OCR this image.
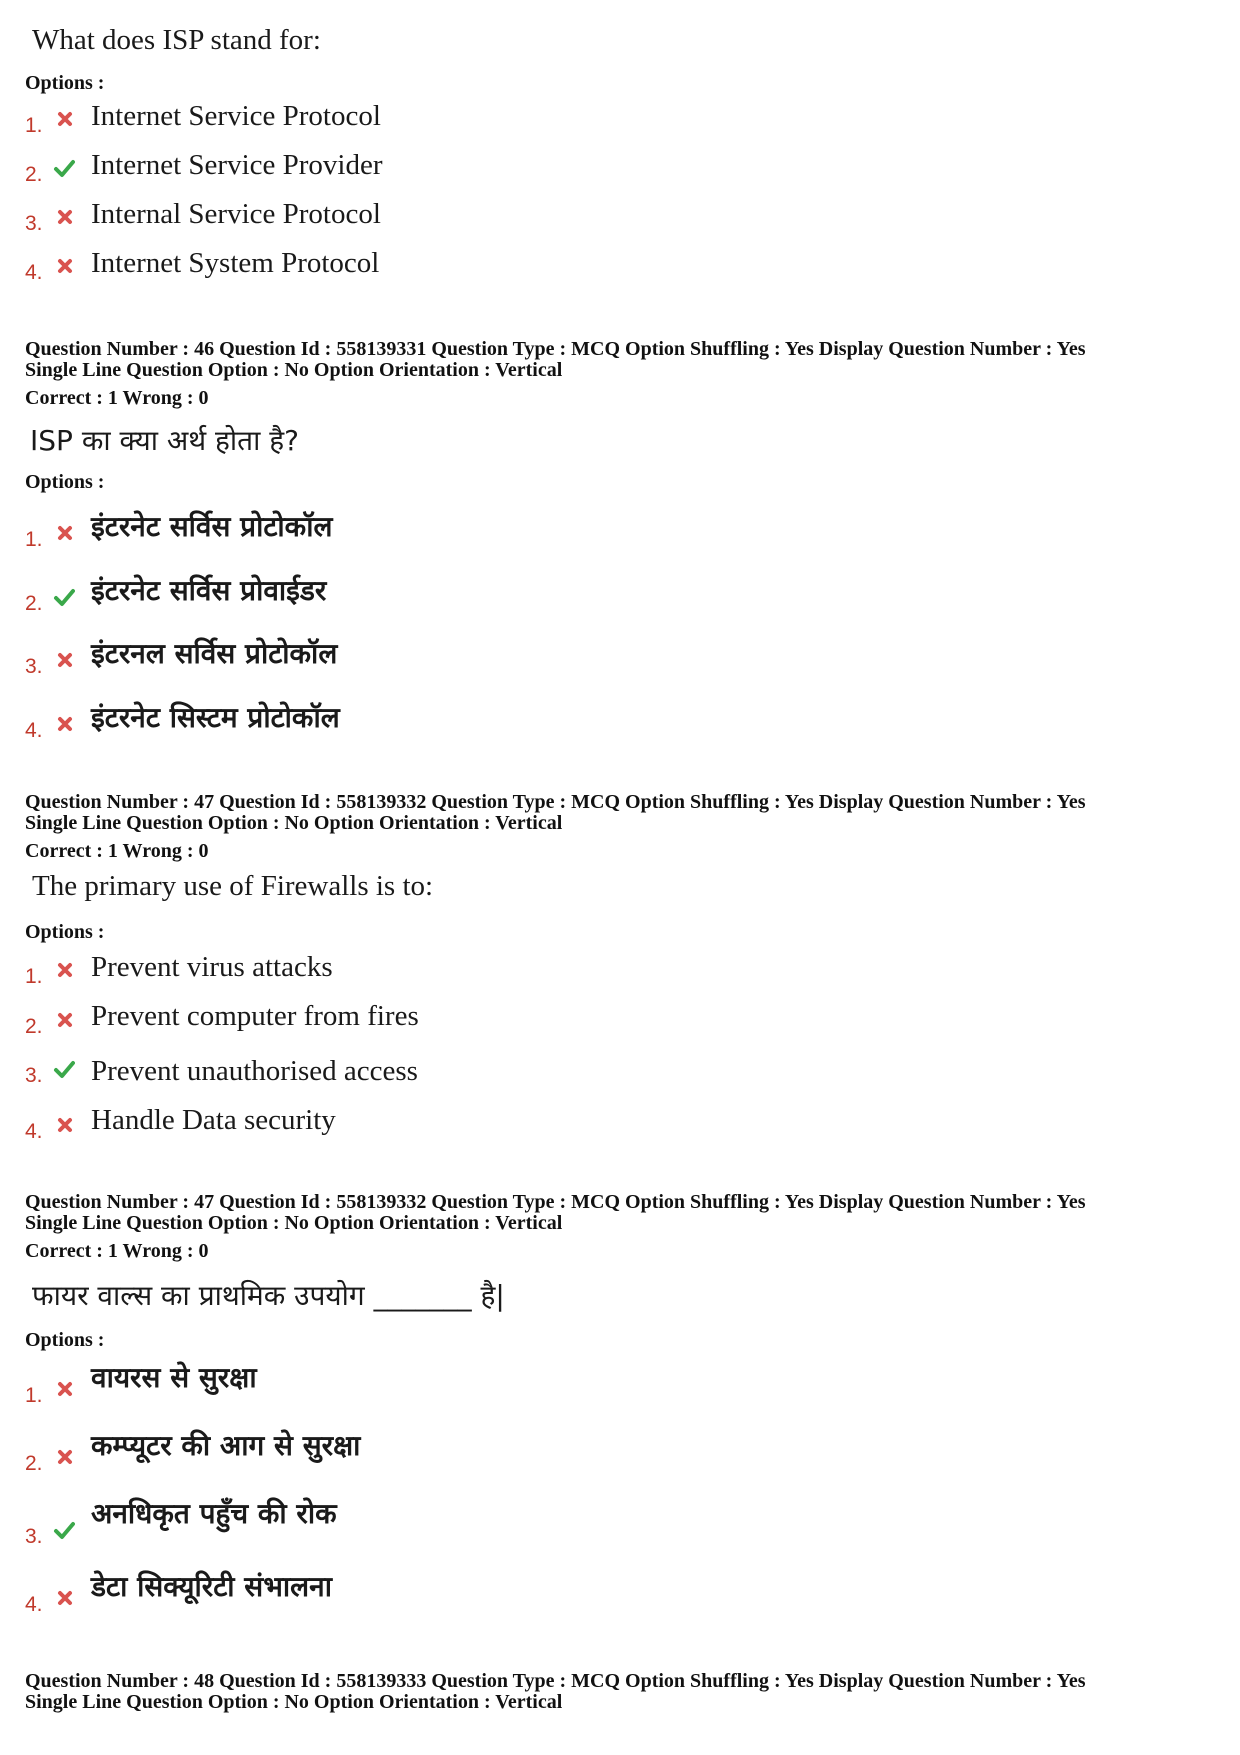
What does ISP stand for:
Options :
1. Internet Service Protocol
2. Internet Service Provider
3. Internal Service Protocol
4. Internet System Protocol
Question Number : 46 Question Id : 558139331 Question Type : MCQ Option Shuffling : Yes Display Question Number : Yes
Single Line Question Option : No Option Orientation : Vertical
Correct : 1 Wrong : 0
ISP का क्या अर्थ होता है?
Options :
1. इंटरनेट सर्विस प्रोटोकॉल
2. इंटरनेट सर्विस प्रोवाईडर
3. इंटरनल सर्विस प्रोटोकॉल
4. इंटरनेट सिस्टम प्रोटोकॉल
Question Number : 47 Question Id : 558139332 Question Type : MCQ Option Shuffling : Yes Display Question Number : Yes
Single Line Question Option : No Option Orientation : Vertical
Correct : 1 Wrong : 0
The primary use of Firewalls is to:
Options :
1. Prevent virus attacks
2. Prevent computer from fires
3. Prevent unauthorised access
4. Handle Data security
Question Number : 47 Question Id : 558139332 Question Type : MCQ Option Shuffling : Yes Display Question Number : Yes
Single Line Question Option : No Option Orientation : Vertical
Correct : 1 Wrong : 0
फायर वाल्स का प्राथमिक उपयोग _______ है|
Options :
1.
वायरस से सुरक्षा
2.
कम्प्यूटर की आग से सुरक्षा
3.
अनधिकृत पहुँच की रोक
4.
डेटा सिक्यूरिटी संभालना
Question Number : 48 Question Id : 558139333 Question Type : MCQ Option Shuffling : Yes Display Question Number : Yes
Single Line Question Option : No Option Orientation : Vertical
